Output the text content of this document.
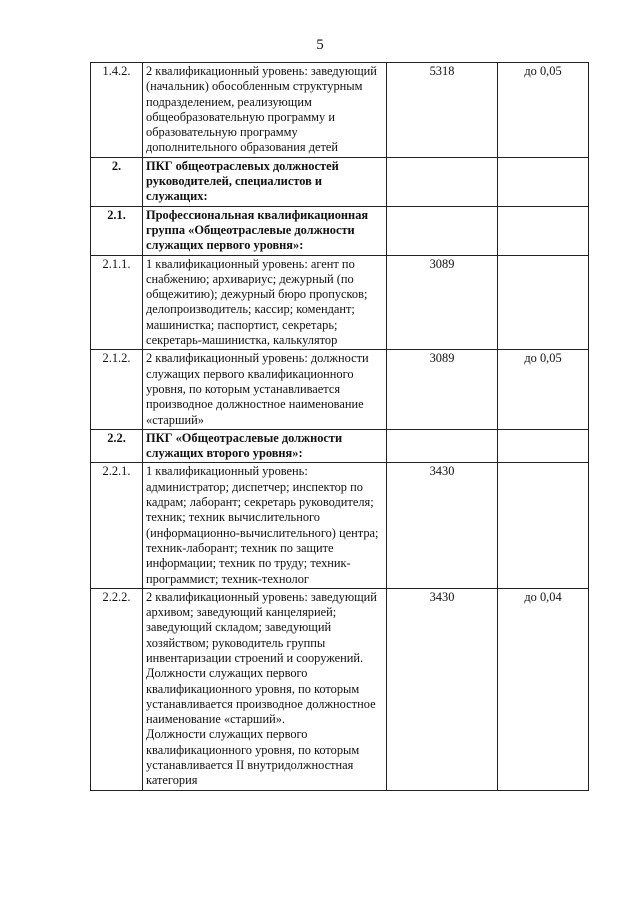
5
1.4.2.	2 квалификационный уровень: заведующий (начальник) обособленным структурным подразделением, реализующим общеобразовательную программу и образовательную программу дополнительного образования детей	5318	до 0,05
2.	ПКГ общеотраслевых должностей руководителей, специалистов и служащих:		

2.1.	Профессиональная квалификационная группа «Общеотраслевые должности служащих первого уровня»:		

2.1.1.	1 квалификационный уровень: агент по снабжению; архивариус; дежурный (по общежитию); дежурный бюро пропусков; делопроизводитель; кассир; комендант; машинистка; паспортист, секретарь; секретарь-машинистка, калькулятор	3089	
2.1.2.	2 квалификационный уровень: должности служащих первого квалификационного уровня, по которым устанавливается производное должностное наименование «старший»	3089	до 0,05
2.2.	ПКГ «Общеотраслевые должности служащих второго уровня»:		

2.2.1.	1 квалификационный уровень: администратор; диспетчер; инспектор по кадрам; лаборант; секретарь руководителя; техник; техник вычислительного (информационно-вычислительного) центра; техник-лаборант; техник по защите информации; техник по труду; техник-программист; техник-технолог	3430	
2.2.2.	2 квалификационный уровень: заведующий архивом; заведующий канцелярией; заведующий складом; заведующий хозяйством; руководитель группы инвентаризации строений и сооружений.
Должности служащих первого квалификационного уровня, по которым устанавливается производное должностное наименование «старший».
Должности служащих первого квалификационного уровня, по которым устанавливается II внутридолжностная категория	3430	до 0,04
